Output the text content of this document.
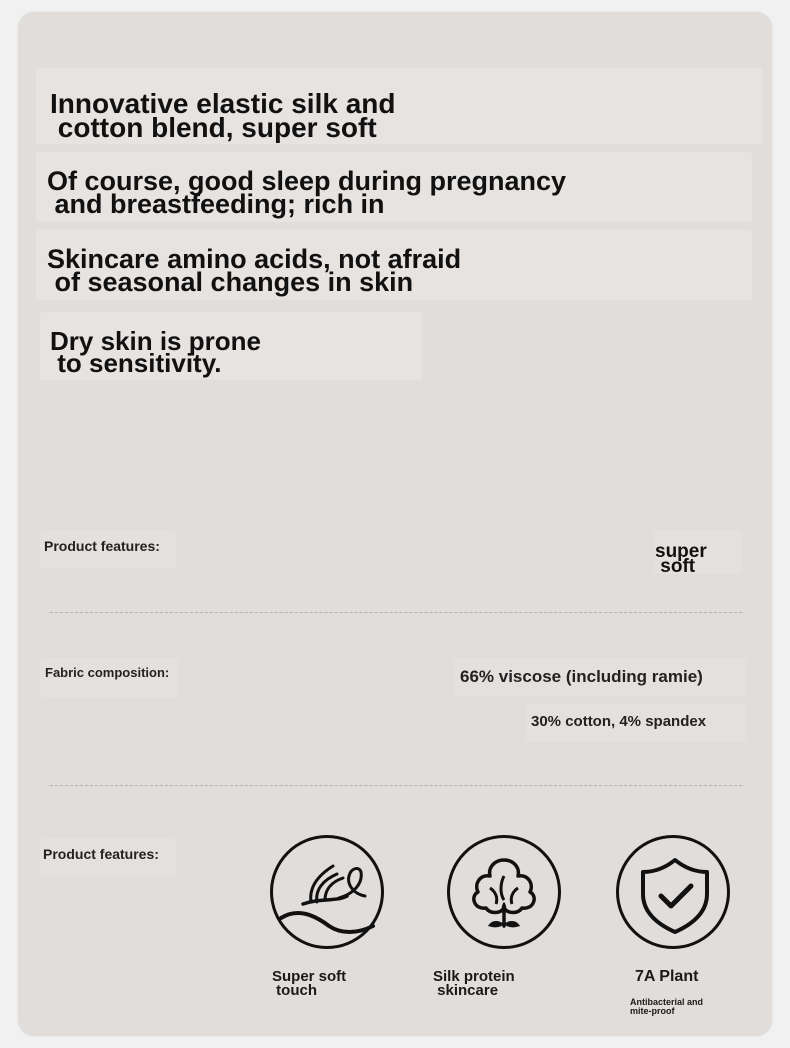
Innovative elastic silk and
cotton blend, super soft
Of course, good sleep during pregnancy
and breastfeeding; rich in
Skincare amino acids, not afraid
of seasonal changes in skin
Dry skin is prone
to sensitivity.
Product features:	super
soft
Fabric composition:	66% viscose (including ramie)
30% cotton, 4% spandex
Product features:
Super soft
touch
Silk protein
skincare
7A Plant
Antibacterial and
mite-proof
